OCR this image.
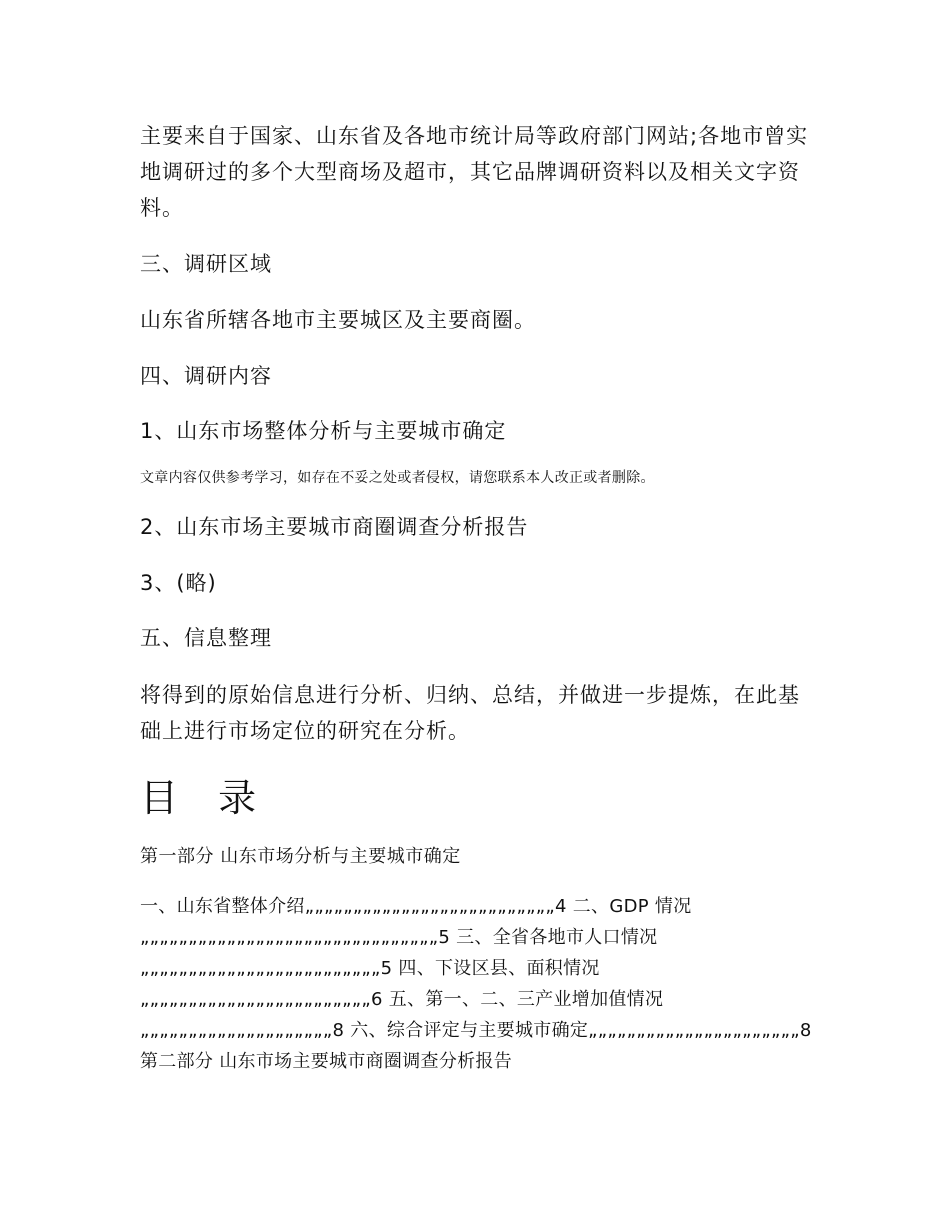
主要来自于国家、山东省及各地市统计局等政府部门网站;各地市曾实地调研过的多个大型商场及超市，其它品牌调研资料以及相关文字资料。

三、调研区域

山东省所辖各地市主要城区及主要商圈。

四、调研内容

1、山东市场整体分析与主要城市确定

文章内容仅供参考学习，如存在不妥之处或者侵权，请您联系本人改正或者删除。

2、山东市场主要城市商圈调查分析报告

3、(略)

五、信息整理

将得到的原始信息进行分析、归纳、总结，并做进一步提炼，在此基础上进行市场定位的研究在分析。

目 录

第一部分 山东市场分析与主要城市确定

一、山东省整体介绍„„„„„„„„„„„„„„„„„„„„„„„„„„4 二、GDP 情况„„„„„„„„„„„„„„„„„„„„„„„„„„„„„„„5 三、全省各地市人口情况„„„„„„„„„„„„„„„„„„„„„„„„„5 四、下设区县、面积情况„„„„„„„„„„„„„„„„„„„„„„„„6 五、第一、二、三产业增加值情况„„„„„„„„„„„„„„„„„„„„8 六、综合评定与主要城市确定„„„„„„„„„„„„„„„„„„„„„„8 第二部分 山东市场主要城市商圈调查分析报告
